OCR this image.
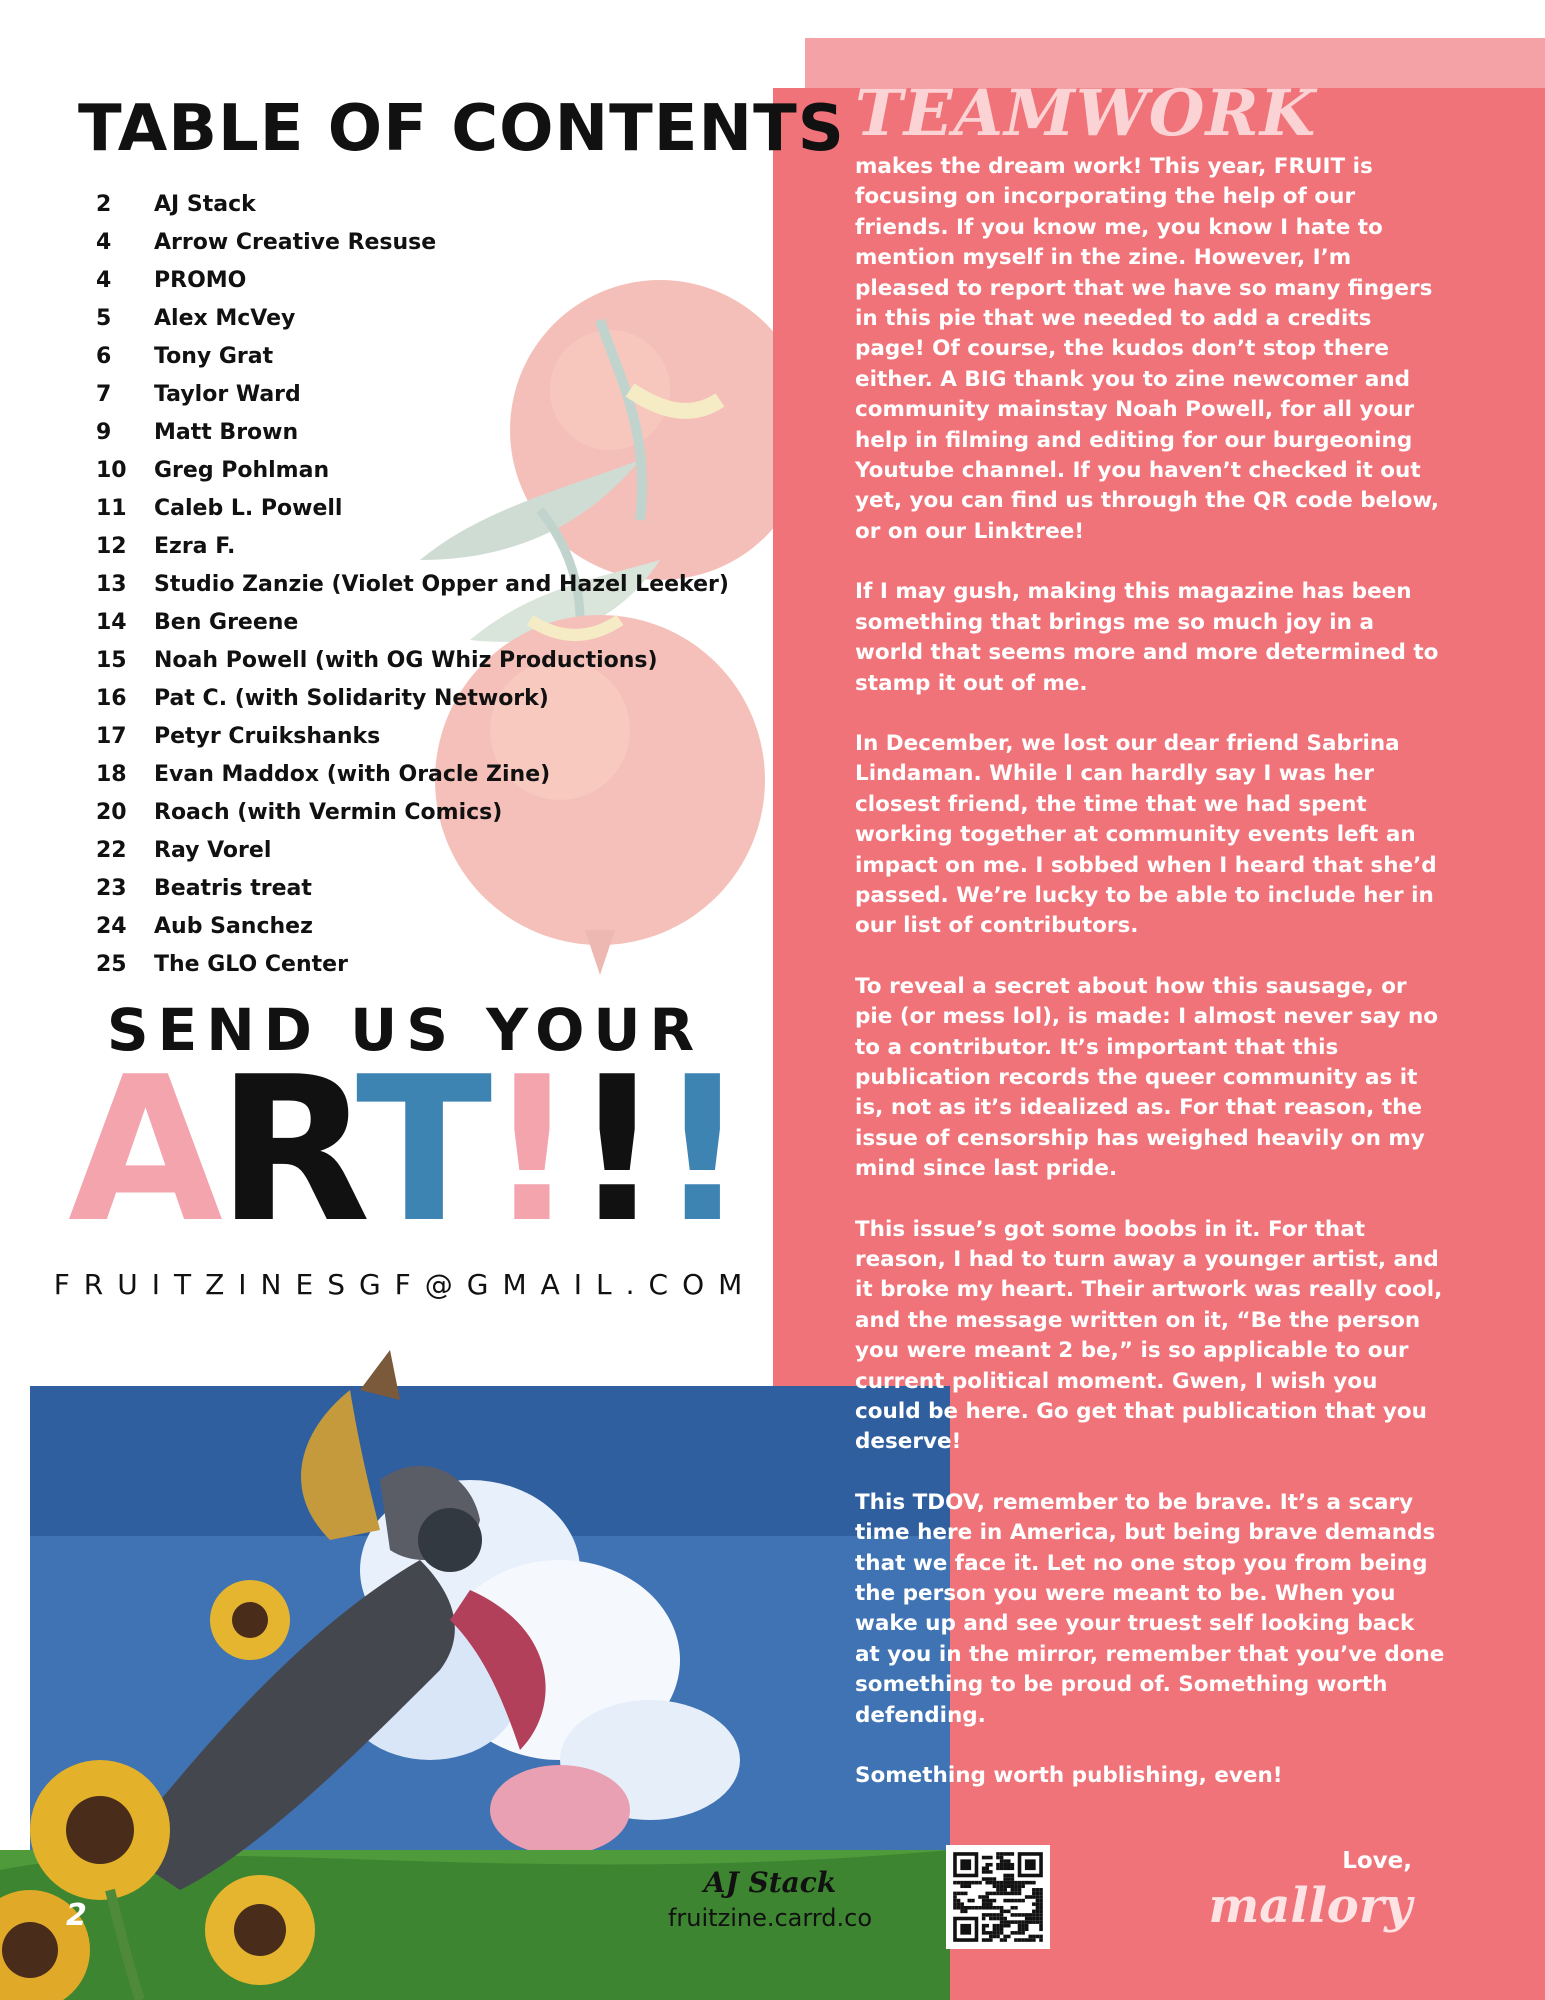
TABLE OF CONTENTS
2 AJ Stack
4 Arrow Creative Resuse
4 PROMO
5 Alex McVey
6 Tony Grat
7 Taylor Ward
9 Matt Brown
10 Greg Pohlman
11 Caleb L. Powell
12 Ezra F.
13 Studio Zanzie (Violet Opper and Hazel Leeker)
14 Ben Greene
15 Noah Powell (with OG Whiz Productions)
16 Pat C. (with Solidarity Network)
17 Petyr Cruikshanks
18 Evan Maddox (with Oracle Zine)
20 Roach (with Vermin Comics)
22 Ray Vorel
23 Beatris treat
24 Aub Sanchez
25 The GLO Center
SEND US YOUR
ART!!!
FRUITZINESGF@GMAIL.COM
TEAMWORK

makes the dream work! This year, FRUIT is focusing on incorporating the help of our friends. If you know me, you know I hate to mention myself in the zine. However, I’m pleased to report that we have so many fingers in this pie that we needed to add a credits page! Of course, the kudos don’t stop there either. A BIG thank you to zine newcomer and community mainstay Noah Powell, for all your help in filming and editing for our burgeoning Youtube channel. If you haven’t checked it out yet, you can find us through the QR code below, or on our Linktree!

If I may gush, making this magazine has been something that brings me so much joy in a world that seems more and more determined to stamp it out of me.

In December, we lost our dear friend Sabrina Lindaman. While I can hardly say I was her closest friend, the time that we had spent working together at community events left an impact on me. I sobbed when I heard that she’d passed. We’re lucky to be able to include her in our list of contributors.

To reveal a secret about how this sausage, or pie (or mess lol), is made: I almost never say no to a contributor. It’s important that this publication records the queer community as it is, not as it’s idealized as. For that reason, the issue of censorship has weighed heavily on my mind since last pride.

This issue’s got some boobs in it. For that reason, I had to turn away a younger artist, and it broke my heart. Their artwork was really cool, and the message written on it, “Be the person you were meant 2 be,” is so applicable to our current political moment. Gwen, I wish you could be here. Go get that publication that you deserve!

This TDOV, remember to be brave. It’s a scary time here in America, but being brave demands that we face it. Let no one stop you from being the person you were meant to be. When you wake up and see your truest self looking back at you in the mirror, remember that you’ve done something to be proud of. Something worth defending.

Something worth publishing, even!

Love,
mallory
AJ Stack
fruitzine.carrd.co
2
